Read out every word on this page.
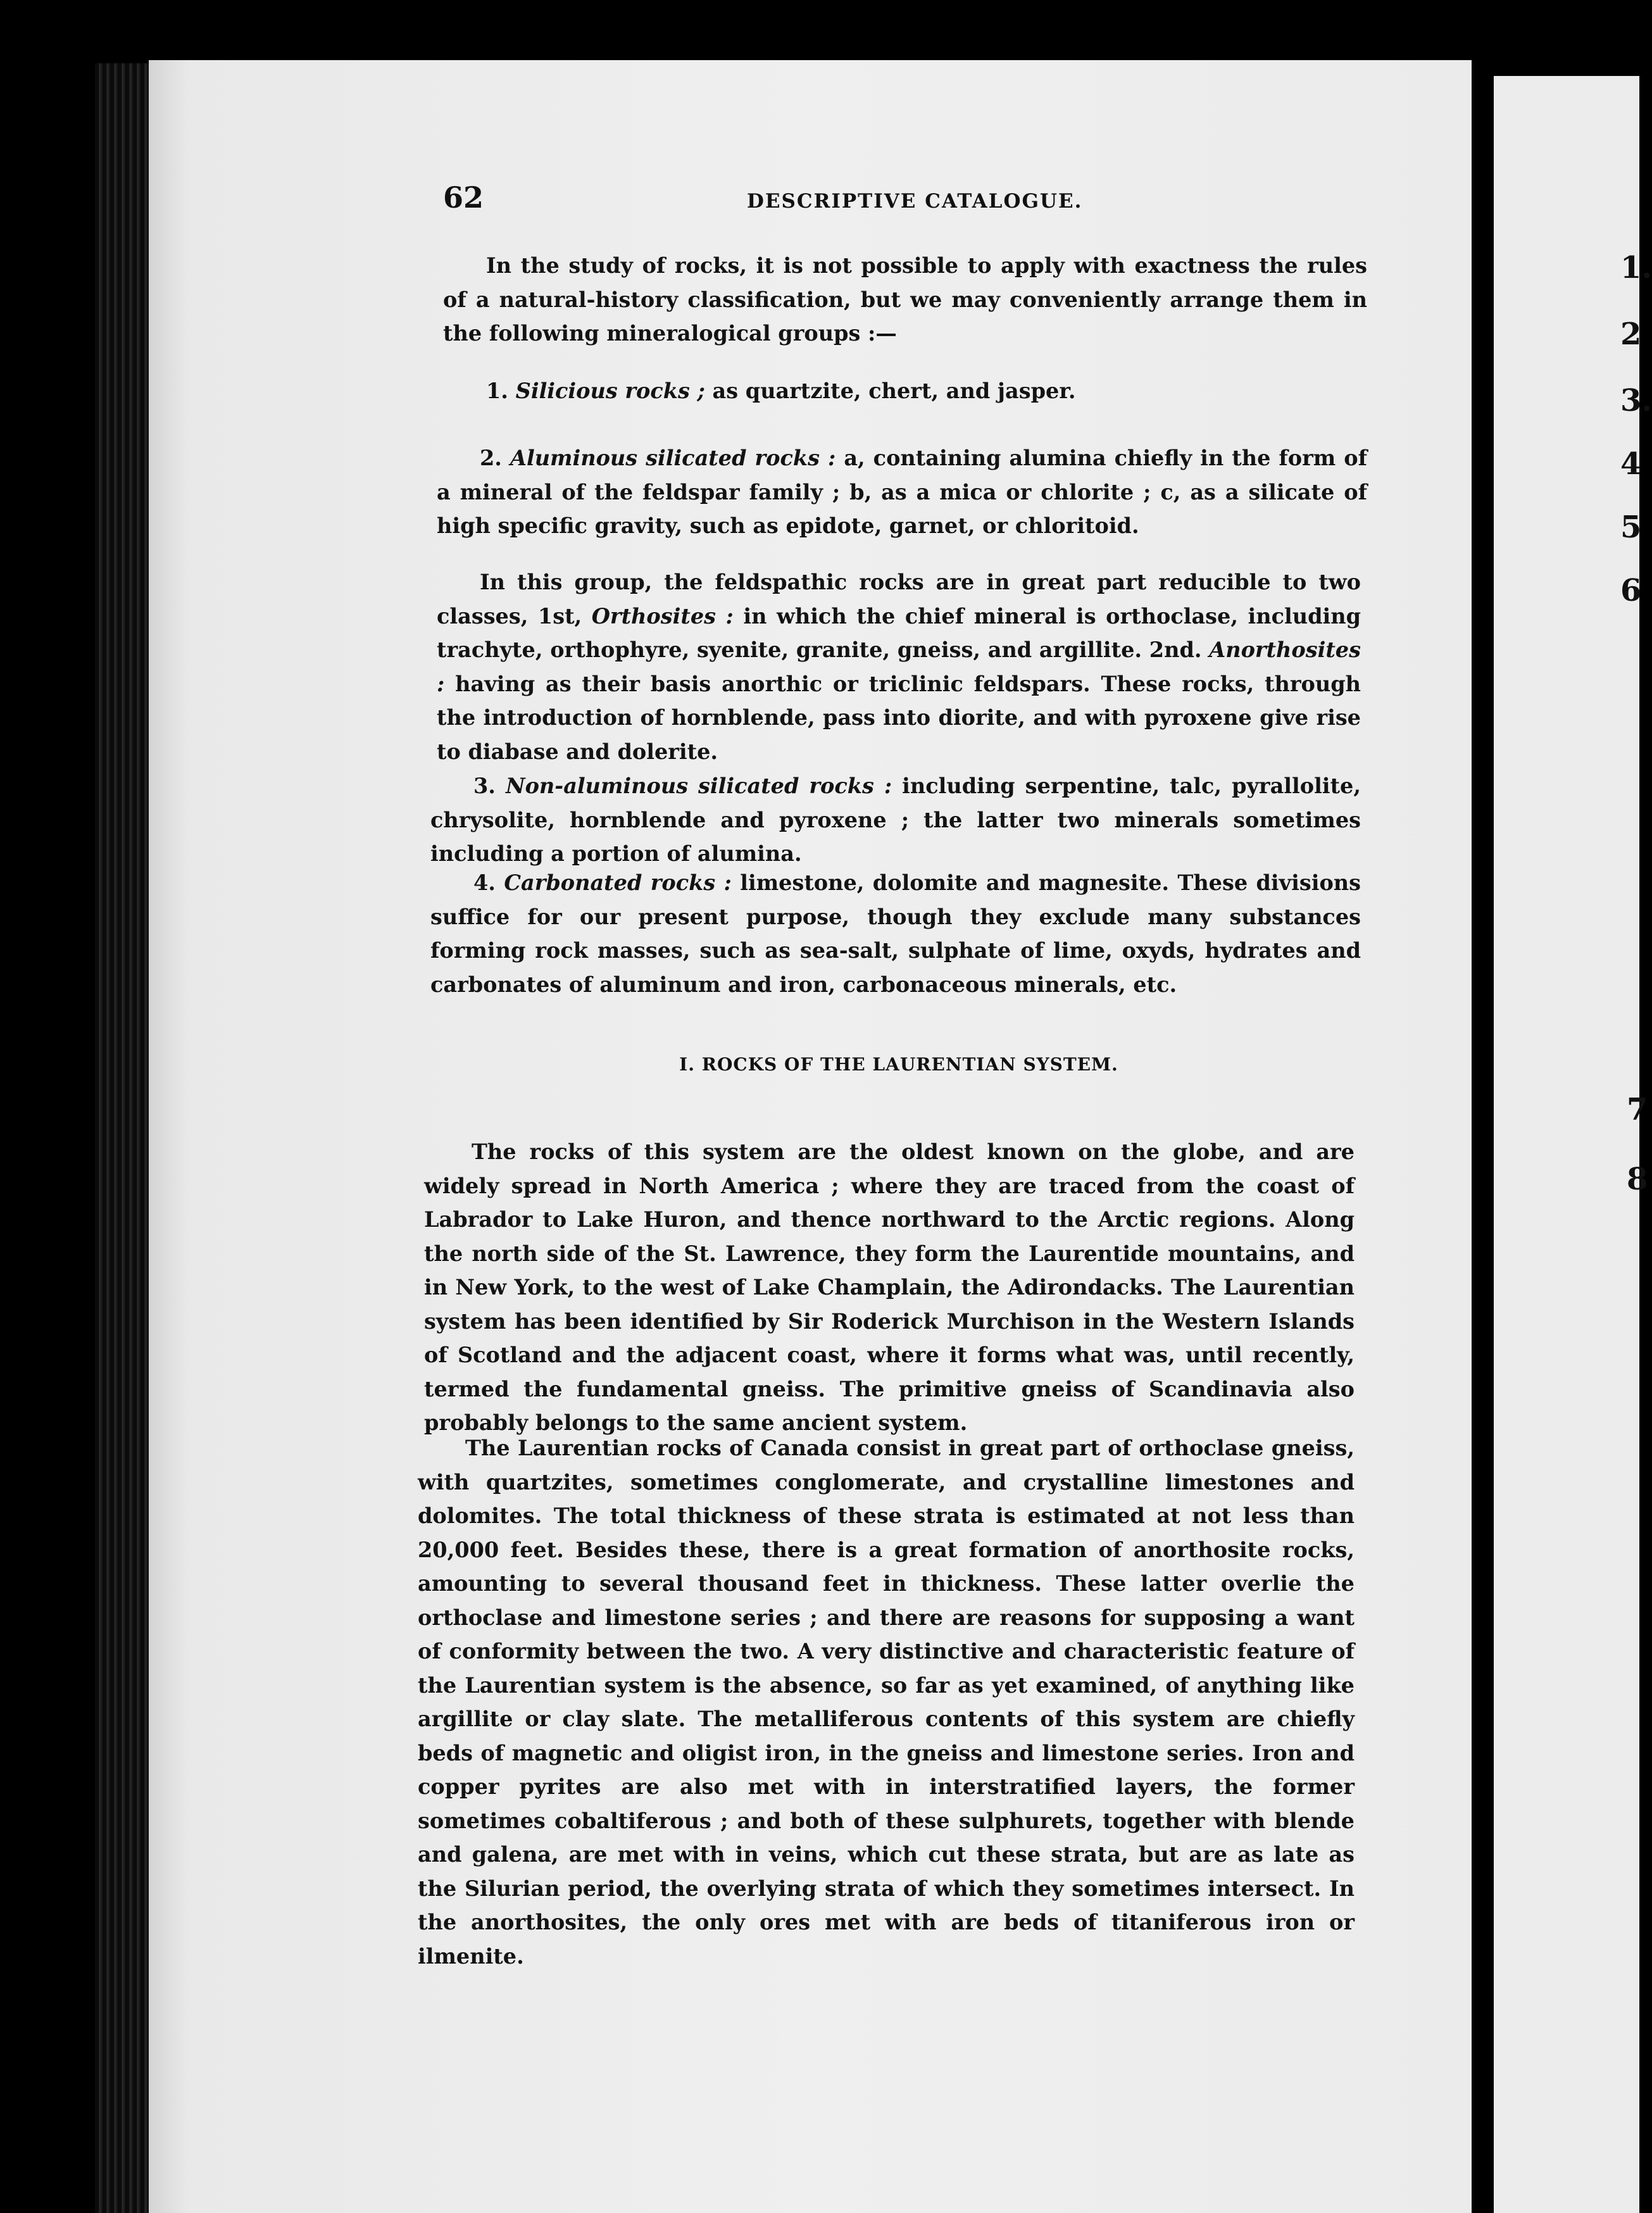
62	DESCRIPTIVE CATALOGUE.

In the study of rocks, it is not possible to apply with exactness the rules of a natural-history classification, but we may conveniently arrange them in the following mineralogical groups :—

1. Silicious rocks ; as quartzite, chert, and jasper.

2. Aluminous silicated rocks : a, containing alumina chiefly in the form of a mineral of the feldspar family ; b, as a mica or chlorite ; c, as a silicate of high specific gravity, such as epidote, garnet, or chloritoid.

In this group, the feldspathic rocks are in great part reducible to two classes, 1st, Orthosites : in which the chief mineral is orthoclase, including trachyte, orthophyre, syenite, granite, gneiss, and argillite. 2nd. Anorthosites : having as their basis anorthic or triclinic feldspars. These rocks, through the introduction of hornblende, pass into diorite, and with pyroxene give rise to diabase and dolerite.

3. Non-aluminous silicated rocks : including serpentine, talc, pyrallolite, chrysolite, hornblende and pyroxene ; the latter two minerals sometimes including a portion of alumina.

4. Carbonated rocks : limestone, dolomite and magnesite. These divisions suffice for our present purpose, though they exclude many substances forming rock masses, such as sea-salt, sulphate of lime, oxyds, hydrates and carbonates of aluminum and iron, carbonaceous minerals, etc.

I. ROCKS OF THE LAURENTIAN SYSTEM.

The rocks of this system are the oldest known on the globe, and are widely spread in North America ; where they are traced from the coast of Labrador to Lake Huron, and thence northward to the Arctic regions. Along the north side of the St. Lawrence, they form the Laurentide mountains, and in New York, to the west of Lake Champlain, the Adirondacks. The Laurentian system has been identified by Sir Roderick Murchison in the Western Islands of Scotland and the adjacent coast, where it forms what was, until recently, termed the fundamental gneiss. The primitive gneiss of Scandinavia also probably belongs to the same ancient system.

The Laurentian rocks of Canada consist in great part of orthoclase gneiss, with quartzites, sometimes conglomerate, and crystalline limestones and dolomites. The total thickness of these strata is estimated at not less than 20,000 feet. Besides these, there is a great formation of anorthosite rocks, amounting to several thousand feet in thickness. These latter overlie the orthoclase and limestone series ; and there are reasons for supposing a want of conformity between the two. A very distinctive and characteristic feature of the Laurentian system is the absence, so far as yet examined, of anything like argillite or clay slate. The metalliferous contents of this system are chiefly beds of magnetic and oligist iron, in the gneiss and limestone series. Iron and copper pyrites are also met with in interstratified layers, the former sometimes cobaltiferous ; and both of these sulphurets, together with blende and galena, are met with in veins, which cut these strata, but are as late as the Silurian period, the overlying strata of which they sometimes intersect. In the anorthosites, the only ores met with are beds of titaniferous iron or ilmenite.

1.
2
3.
4
5
6
7
8
